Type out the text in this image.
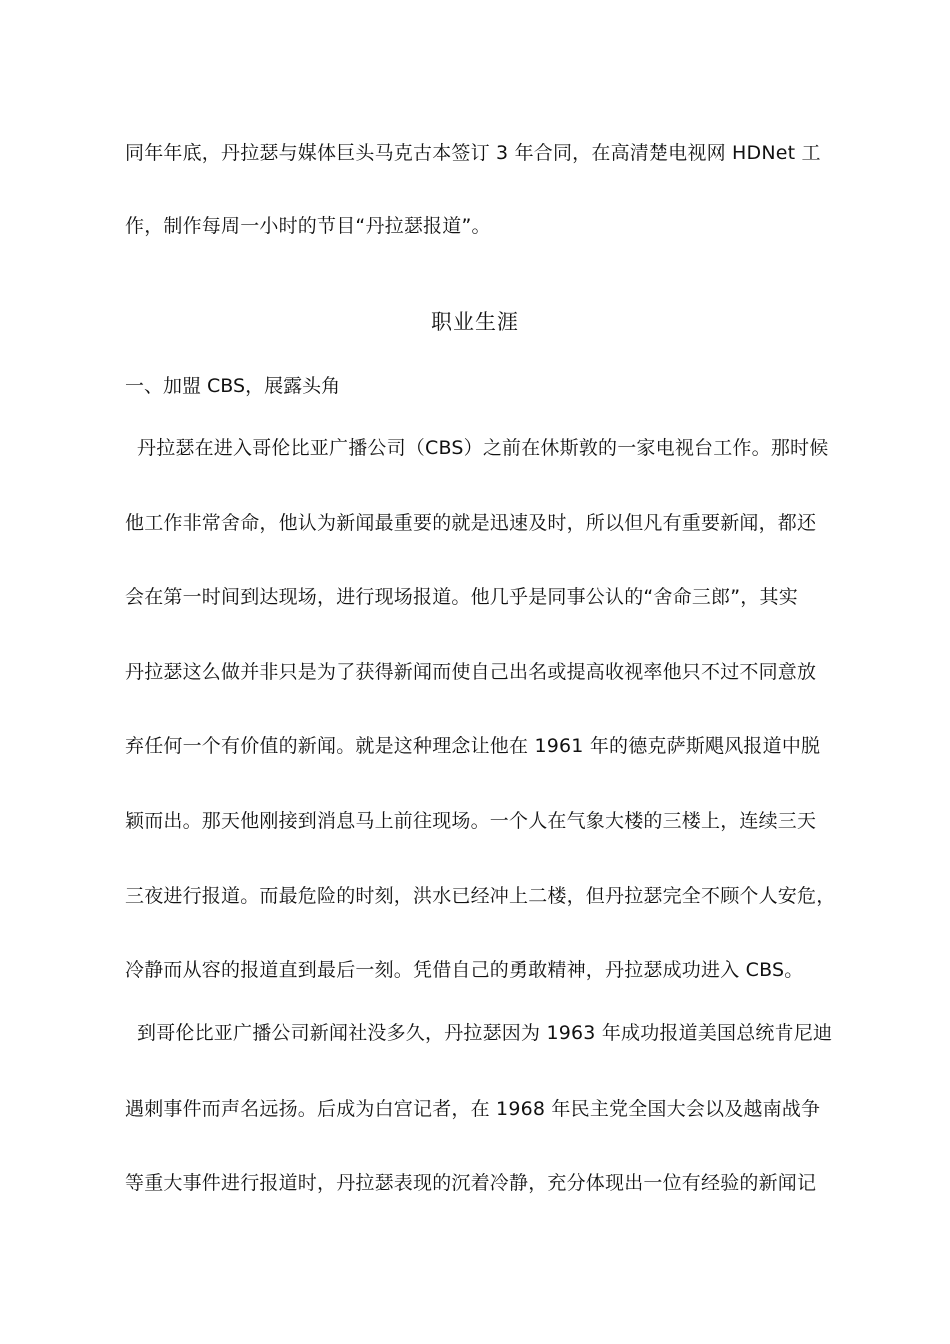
同年年底，丹拉瑟与媒体巨头马克古本签订 3 年合同，在高清楚电视网 HDNet 工
作，制作每周一小时的节目“丹拉瑟报道”。
职业生涯
一、加盟 CBS，展露头角
丹拉瑟在进入哥伦比亚广播公司（CBS）之前在休斯敦的一家电视台工作。那时候
他工作非常舍命，他认为新闻最重要的就是迅速及时，所以但凡有重要新闻，都还
会在第一时间到达现场，进行现场报道。他几乎是同事公认的“舍命三郎”，其实
丹拉瑟这么做并非只是为了获得新闻而使自己出名或提高收视率他只不过不同意放
弃任何一个有价值的新闻。就是这种理念让他在 1961 年的德克萨斯飓风报道中脱
颖而出。那天他刚接到消息马上前往现场。一个人在气象大楼的三楼上，连续三天
三夜进行报道。而最危险的时刻，洪水已经冲上二楼，但丹拉瑟完全不顾个人安危，
冷静而从容的报道直到最后一刻。凭借自己的勇敢精神，丹拉瑟成功进入 CBS。
到哥伦比亚广播公司新闻社没多久，丹拉瑟因为 1963 年成功报道美国总统肯尼迪
遇刺事件而声名远扬。后成为白宫记者，在 1968 年民主党全国大会以及越南战争
等重大事件进行报道时，丹拉瑟表现的沉着冷静，充分体现出一位有经验的新闻记
